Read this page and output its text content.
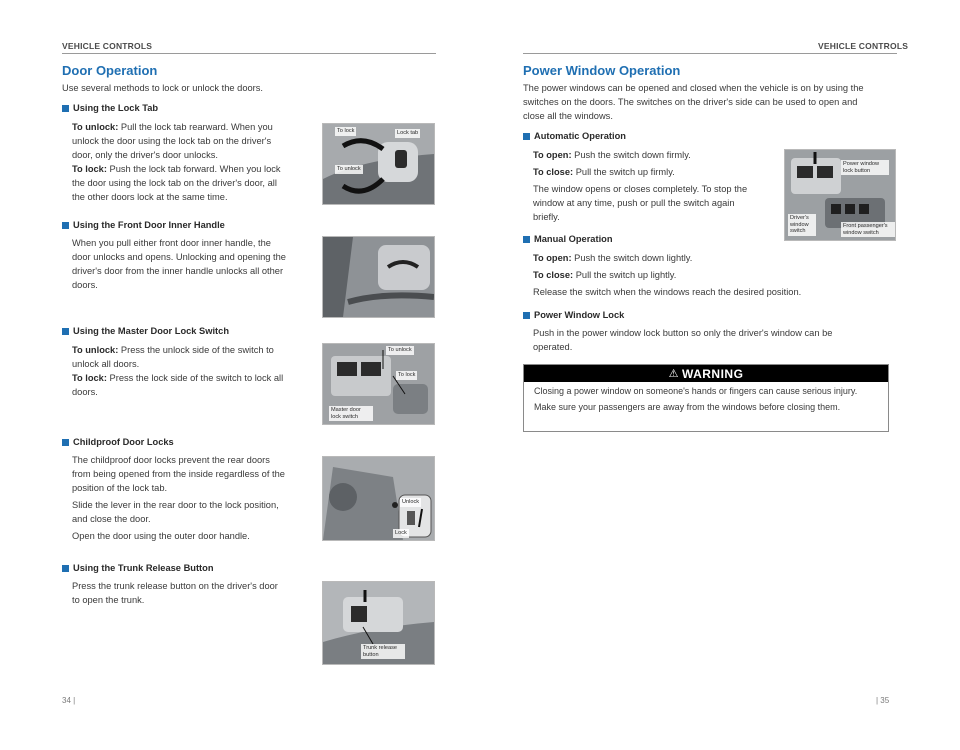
VEHICLE CONTROLS
Door Operation
Use several methods to lock or unlock the doors.
Using the Lock Tab
To unlock: Pull the lock tab rearward. When you
unlock the door using the lock tab on the driver's
door, only the driver's door unlocks.
To lock: Push the lock tab forward. When you lock
the door using the lock tab on the driver's door, all
the other doors lock at the same time.
To lock	Lock tab
To unlock
Using the Front Door Inner Handle
When you pull either front door inner handle, the
door unlocks and opens. Unlocking and opening the
driver's door from the inner handle unlocks all other
doors.
Using the Master Door Lock Switch
To unlock: Press the unlock side of the switch to
unlock all doors.
To lock: Press the lock side of the switch to lock all
doors.
To unlock
To lock
Master door lock switch
Childproof Door Locks
The childproof door locks prevent the rear doors
from being opened from the inside regardless of the
position of the lock tab.
Slide the lever in the rear door to the lock position,
and close the door.
Open the door using the outer door handle.
Unlock
Lock
Using the Trunk Release Button
Press the trunk release button on the driver's door
to open the trunk.
Trunk release button
34 |
VEHICLE CONTROLS
Power Window Operation
The power windows can be opened and closed when the vehicle is on by using the
switches on the doors. The switches on the driver's side can be used to open and
close all the windows.
Automatic Operation
To open: Push the switch down firmly.
To close: Pull the switch up firmly.
The window opens or closes completely. To stop the
window at any time, push or pull the switch again
briefly.
Power window lock button
Driver's window switch
Front passenger's window switch
Manual Operation
To open: Push the switch down lightly.
To close: Pull the switch up lightly.
Release the switch when the windows reach the desired position.
Power Window Lock
Push in the power window lock button so only the driver's window can be
operated.
⚠ WARNING

Closing a power window on someone's hands or fingers can cause serious injury.

Make sure your passengers are away from the windows before closing them.

| 35
